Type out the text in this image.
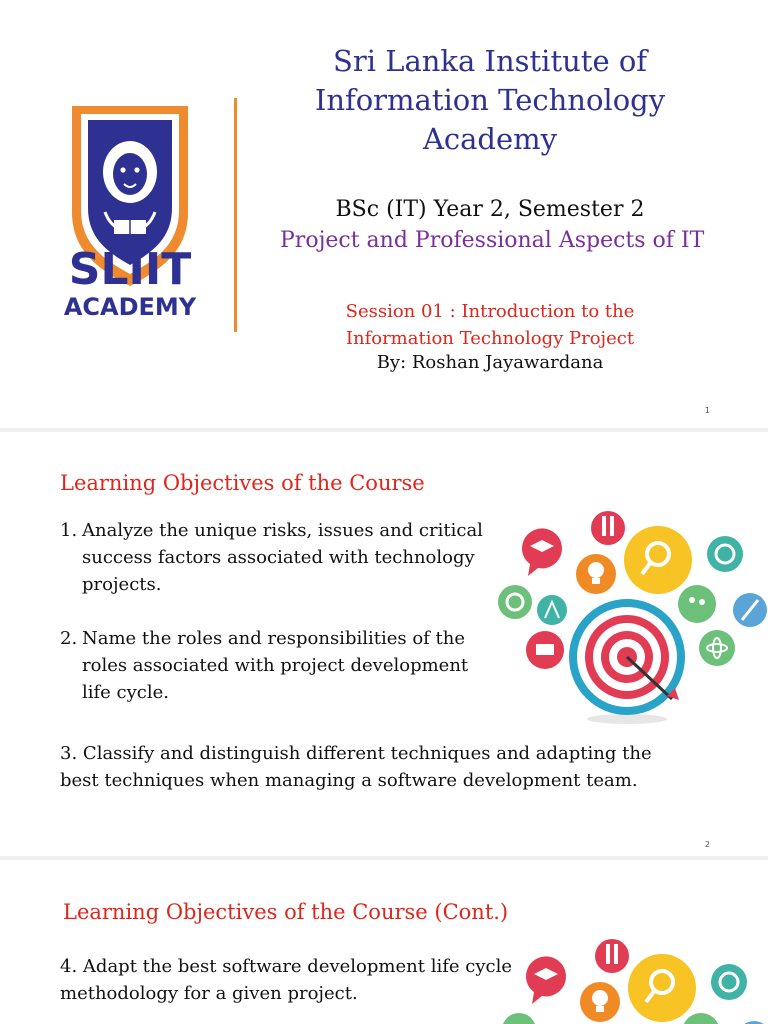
SLIIT
ACADEMY
Sri Lanka Institute of
Information Technology
Academy
BSc (IT) Year 2, Semester 2
Project and Professional Aspects of IT
Session 01 : Introduction to the
Information Technology Project
By: Roshan Jayawardana
1
Learning Objectives of the Course
1. Analyze the unique risks, issues and critical success factors associated with technology projects.
2. Name the roles and responsibilities of the roles associated with project development life cycle.
3. Classify and distinguish different techniques and adapting the best techniques when managing a software development team.
2
Learning Objectives of the Course (Cont.)
4. Adapt the best software development life cycle methodology for a given project.
